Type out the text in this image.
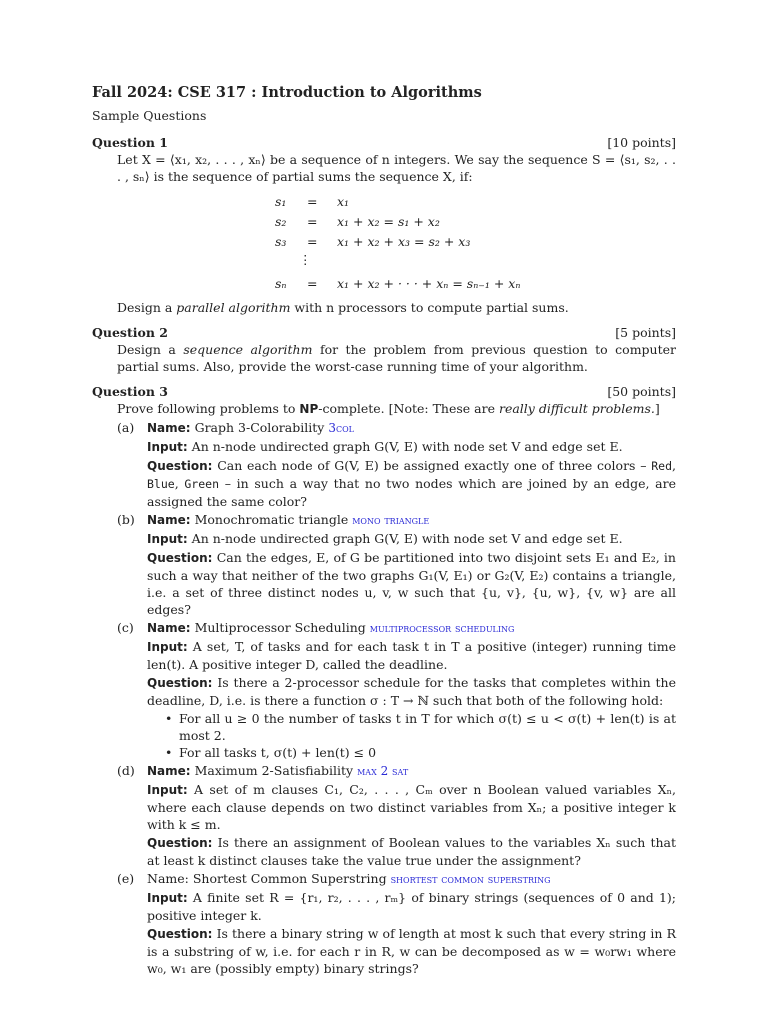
Fall 2024: CSE 317 : Introduction to Algorithms
Sample Questions
Question 1	[10 points]
Let X = ⟨x₁, x₂, . . . , xₙ⟩ be a sequence of n integers. We say the sequence S = ⟨s₁, s₂, . . . , sₙ⟩ is the sequence of partial sums the sequence X, if:
s₁	=	x₁
s₂	=	x₁ + x₂ = s₁ + x₂
s₃	=	x₁ + x₂ + x₃ = s₂ + x₃
⋮
sₙ	=	x₁ + x₂ + · · · + xₙ = sₙ₋₁ + xₙ
Design a parallel algorithm with n processors to compute partial sums.
Question 2	[5 points]
Design a sequence algorithm for the problem from previous question to computer partial sums. Also, provide the worst-case running time of your algorithm.
Question 3	[50 points]
Prove following problems to NP-complete. [Note: These are really difficult problems.]
(a)	Name: Graph 3-Colorability 3col
Input: An n-node undirected graph G(V, E) with node set V and edge set E.
Question: Can each node of G(V, E) be assigned exactly one of three colors – Red, Blue, Green – in such a way that no two nodes which are joined by an edge, are assigned the same color?
(b)	Name: Monochromatic triangle mono triangle
Input: An n-node undirected graph G(V, E) with node set V and edge set E.
Question: Can the edges, E, of G be partitioned into two disjoint sets E₁ and E₂, in such a way that neither of the two graphs G₁(V, E₁) or G₂(V, E₂) contains a triangle, i.e. a set of three distinct nodes u, v, w such that {u, v}, {u, w}, {v, w} are all edges?
(c)	Name: Multiprocessor Scheduling multiprocessor scheduling
Input: A set, T, of tasks and for each task t in T a positive (integer) running time len(t). A positive integer D, called the deadline.
Question: Is there a 2-processor schedule for the tasks that completes within the deadline, D, i.e. is there a function σ : T → ℕ such that both of the following hold:
• For all u ≥ 0 the number of tasks t in T for which σ(t) ≤ u < σ(t) + len(t) is at most 2.
• For all tasks t, σ(t) + len(t) ≤ 0
(d)	Name: Maximum 2-Satisfiability max 2 sat
Input: A set of m clauses C₁, C₂, . . . , Cₘ over n Boolean valued variables Xₙ, where each clause depends on two distinct variables from Xₙ; a positive integer k with k ≤ m.
Question: Is there an assignment of Boolean values to the variables Xₙ such that at least k distinct clauses take the value true under the assignment?
(e)	Name: Shortest Common Superstring shortest common superstring
Input: A finite set R = {r₁, r₂, . . . , rₘ} of binary strings (sequences of 0 and 1); positive integer k.
Question: Is there a binary string w of length at most k such that every string in R is a substring of w, i.e. for each r in R, w can be decomposed as w = w₀rw₁ where w₀, w₁ are (possibly empty) binary strings?
